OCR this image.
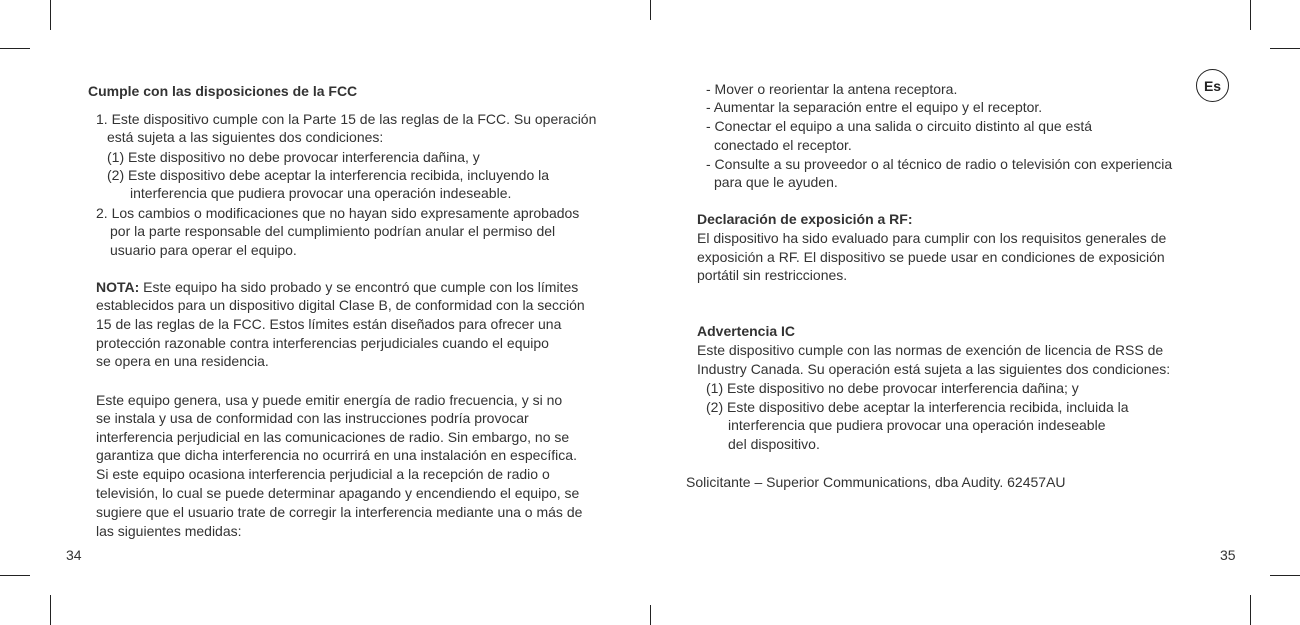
Cumple con las disposiciones de la FCC
1. Este dispositivo cumple con la Parte 15 de las reglas de la FCC. Su operación
está sujeta a las siguientes dos condiciones:
(1) Este dispositivo no debe provocar interferencia dañina, y
(2) Este dispositivo debe aceptar la interferencia recibida, incluyendo la
interferencia que pudiera provocar una operación indeseable.
2. Los cambios o modificaciones que no hayan sido expresamente aprobados
por la parte responsable del cumplimiento podrían anular el permiso del
usuario para operar el equipo.
NOTA: Este equipo ha sido probado y se encontró que cumple con los límites
establecidos para un dispositivo digital Clase B, de conformidad con la sección
15 de las reglas de la FCC. Estos límites están diseñados para ofrecer una
protección razonable contra interferencias perjudiciales cuando el equipo
se opera en una residencia.
Este equipo genera, usa y puede emitir energía de radio frecuencia, y si no
se instala y usa de conformidad con las instrucciones podría provocar
interferencia perjudicial en las comunicaciones de radio. Sin embargo, no se
garantiza que dicha interferencia no ocurrirá en una instalación en específica.
Si este equipo ocasiona interferencia perjudicial a la recepción de radio o
televisión, lo cual se puede determinar apagando y encendiendo el equipo, se
sugiere que el usuario trate de corregir la interferencia mediante una o más de
las siguientes medidas:
34
Es
- Mover o reorientar la antena receptora.
- Aumentar la separación entre el equipo y el receptor.
- Conectar el equipo a una salida o circuito distinto al que está
conectado el receptor.
- Consulte a su proveedor o al técnico de radio o televisión con experiencia
para que le ayuden.
Declaración de exposición a RF:
El dispositivo ha sido evaluado para cumplir con los requisitos generales de
exposición a RF. El dispositivo se puede usar en condiciones de exposición
portátil sin restricciones.
Advertencia IC
Este dispositivo cumple con las normas de exención de licencia de RSS de
Industry Canada. Su operación está sujeta a las siguientes dos condiciones:
(1) Este dispositivo no debe provocar interferencia dañina; y
(2) Este dispositivo debe aceptar la interferencia recibida, incluida la
interferencia que pudiera provocar una operación indeseable
del dispositivo.
Solicitante – Superior Communications, dba Audity. 62457AU
35
